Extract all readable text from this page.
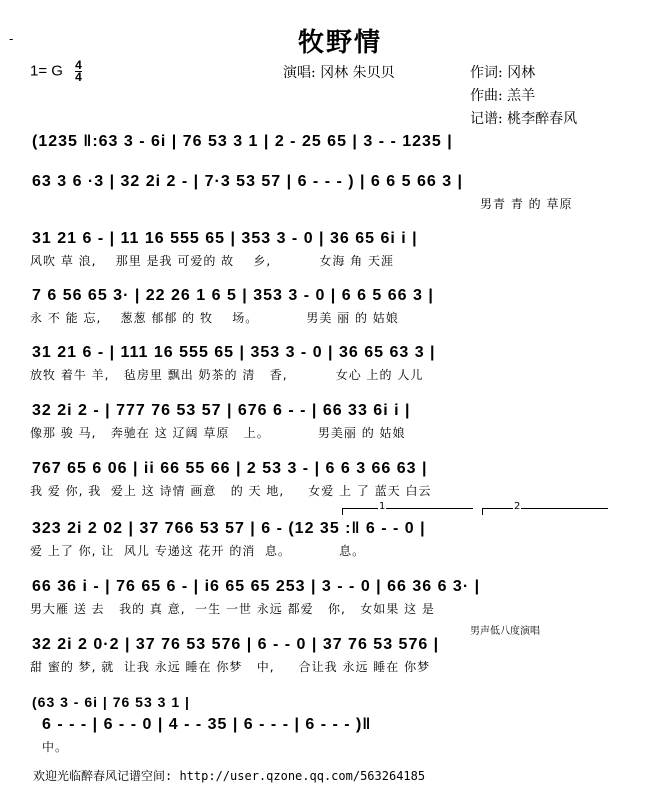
牧野情
-
1= G $\frac{4}{4}$	演唱: 冈林 朱贝贝	作词: 冈林
作曲: 羔羊
记谱: 桃李醉春风
(1235 ‖:63 3 - 6i | 76 53 3 1 | 2 - 25 65 | 3 - - 1235 |
63 3 6 ·3 | 32 2i 2 - | 7·3 53 57 | 6 - - - ) | 6 6 5 66 3 |
男青 青 的 草原
31 21 6 - | 11 16 555 65 | 353 3 - 0 | 36 65 6i i |
风吹 草 浪,    那里 是我 可爱的 故    乡,          女海 角 天涯
7 6 56 65 3· | 22 26 1 6 5 | 353 3 - 0 | 6 6 5 66 3 |
永 不 能 忘,    葱葱 郁郁 的 牧    场。          男美 丽 的 姑娘
31 21 6 - | 111 16 555 65 | 353 3 - 0 | 36 65 63 3 |
放牧 着牛 羊,   毡房里 飘出 奶茶的 清   香,          女心 上的 人儿
32 2i 2 - | 777 76 53 57 | 676 6 - - | 66 33 6i i |
像那 骏 马,   奔驰在 这 辽阔 草原   上。          男美丽 的 姑娘
767 65 6 06 | ii 66 55 66 | 2 53 3 - | 6 6 3 66 63 |
我 爱 你, 我  爱上 这 诗情 画意   的 天 地,     女爱 上 了 蓝天 白云
1	2
323 2i 2 02 | 37 766 53 57 | 6 - (12 35 :‖ 6 - - 0 |
爱 上了 你, 让  风儿 专递这 花开 的消  息。          息。
66 36 i - | 76 65 6 - | i6 65 65 253 | 3 - - 0 | 66 36 6 3· |
男大雁 送 去   我的 真 意,  一生 一世 永远 都爱   你,   女如果 这 是
男声低八度演唱
32 2i 2 0·2 | 37 76 53 576 | 6 - - 0 | 37 76 53 576 |
甜 蜜的 梦, 就  让我 永远 睡在 你梦   中,     合让我 永远 睡在 你梦
(63 3 - 6i | 76 53 3 1 |
6 - - - | 6 - - 0 | 4 - - 35 | 6 - - - | 6 - - - )‖
中。
欢迎光临醉春风记谱空间: http://user.qzone.qq.com/563264185
